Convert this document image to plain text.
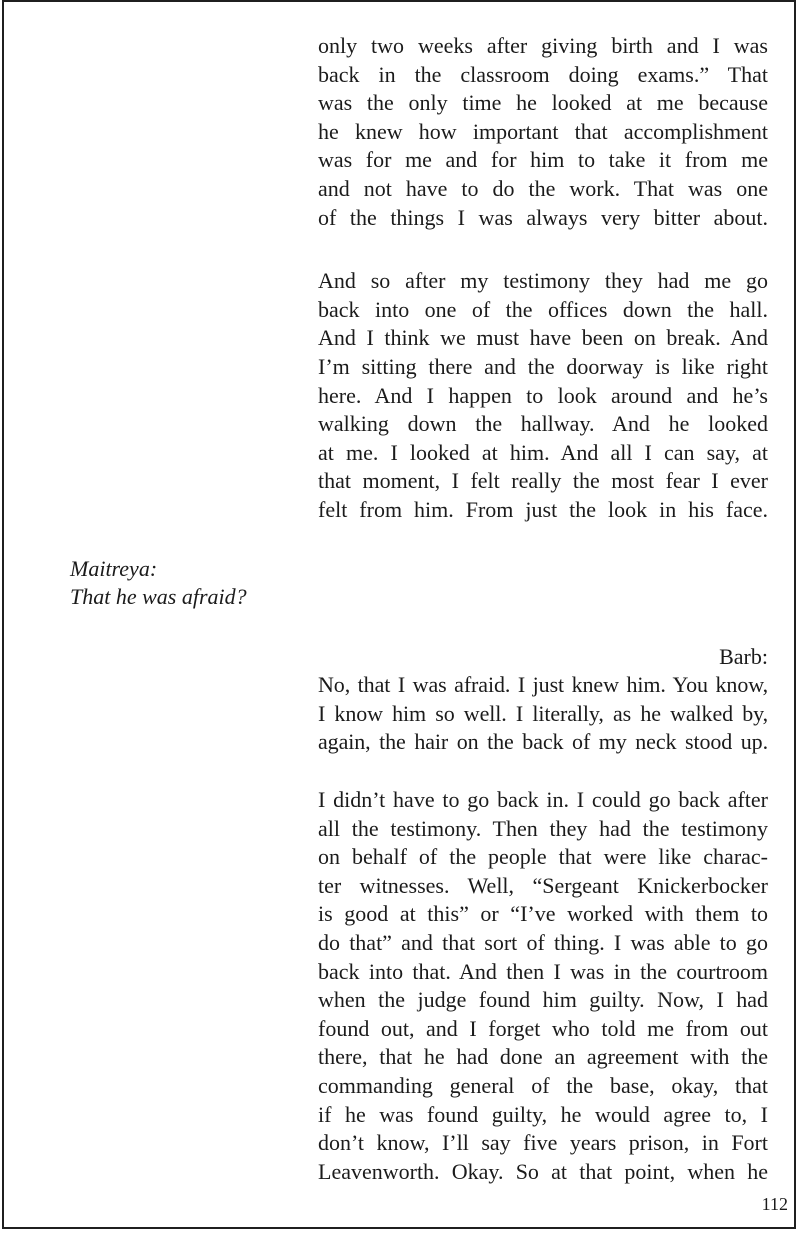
only two weeks after giving birth and I was
back in the classroom doing exams.” That
was the only time he looked at me because
he knew how important that accomplishment
was for me and for him to take it from me
and not have to do the work. That was one
of the things I was always very bitter about.
And so after my testimony they had me go
back into one of the offices down the hall.
And I think we must have been on break. And
I’m sitting there and the doorway is like right
here. And I happen to look around and he’s
walking down the hallway. And he looked
at me. I looked at him. And all I can say, at
that moment, I felt really the most fear I ever
felt from him. From just the look in his face.
Maitreya:
That he was afraid?
Barb:
No, that I was afraid. I just knew him. You know,
I know him so well. I literally, as he walked by,
again, the hair on the back of my neck stood up.
I didn’t have to go back in. I could go back after
all the testimony. Then they had the testimony
on behalf of the people that were like charac-
ter witnesses. Well, “Sergeant Knickerbocker
is good at this” or “I’ve worked with them to
do that” and that sort of thing. I was able to go
back into that. And then I was in the courtroom
when the judge found him guilty. Now, I had
found out, and I forget who told me from out
there, that he had done an agreement with the
commanding general of the base, okay, that
if he was found guilty, he would agree to, I
don’t know, I’ll say five years prison, in Fort
Leavenworth. Okay. So at that point, when he
112
